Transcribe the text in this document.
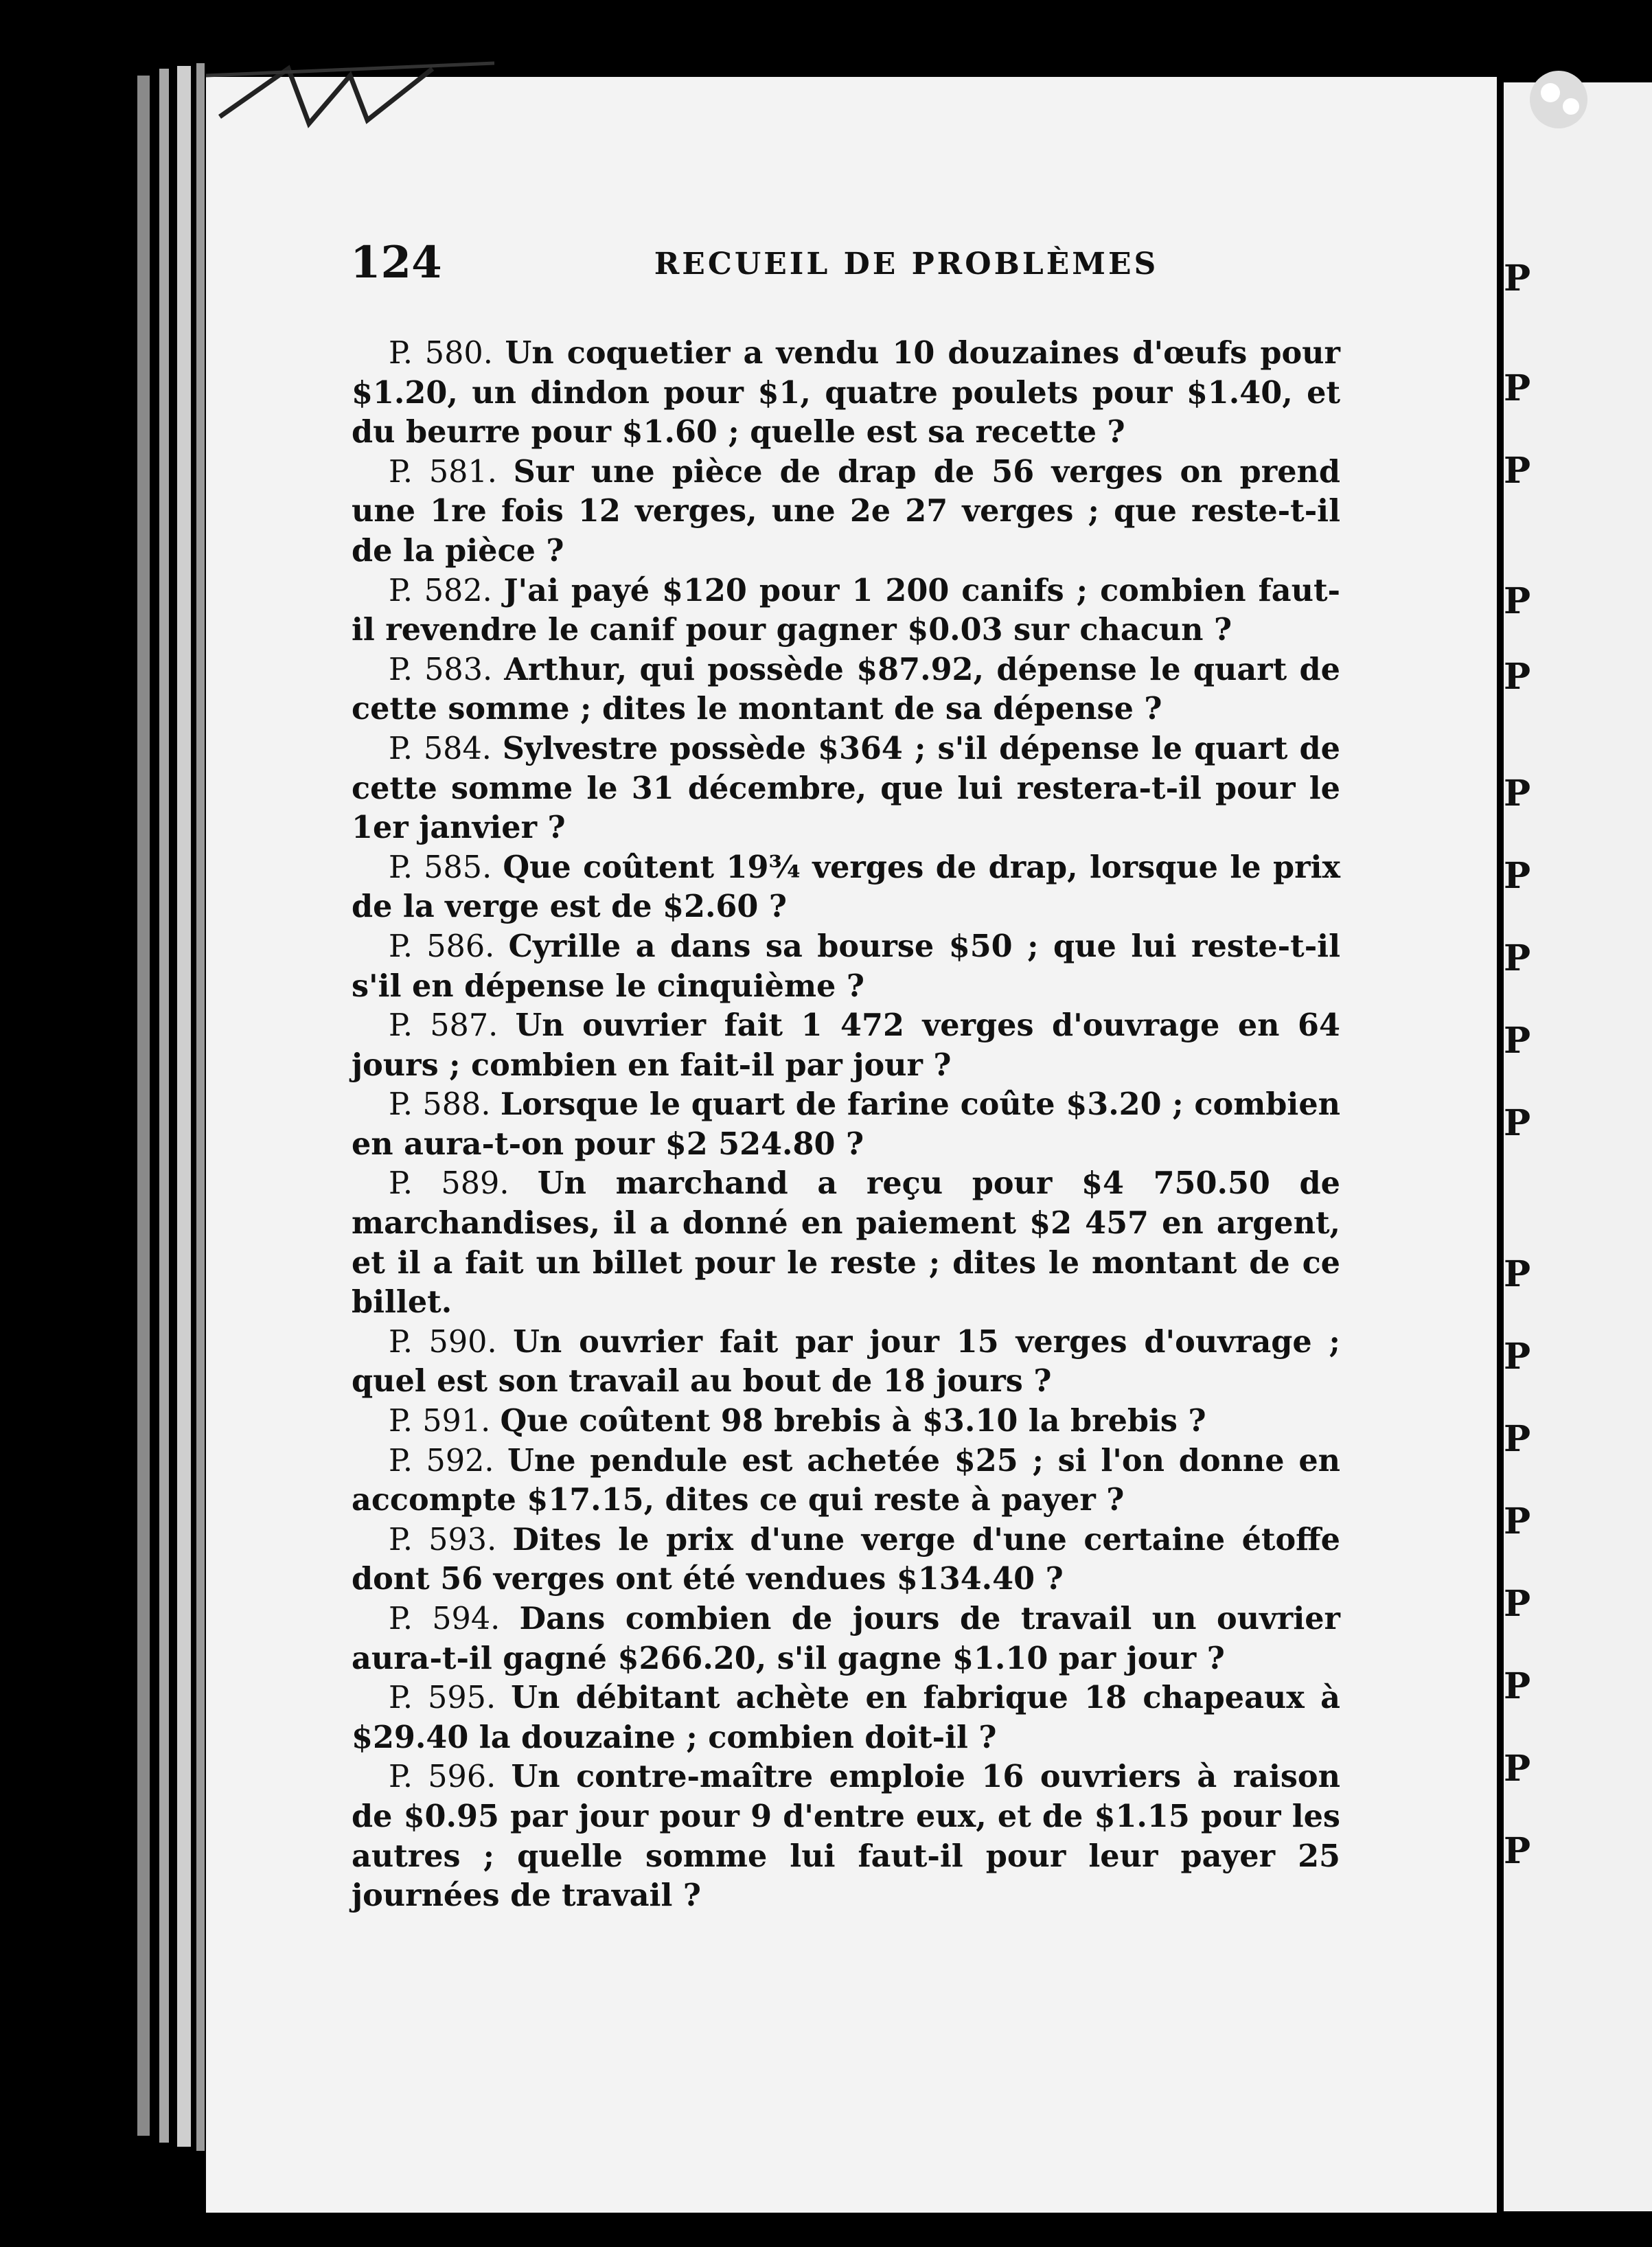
P
P
P
P
P
P
P
P
P
P
P
P
P
P
P
P
P
P
124	RECUEIL DE PROBLÈMES

P. 580. Un coquetier a vendu 10 douzaines d'œufs pour $1.20, un dindon pour $1, quatre poulets pour $1.40, et du beurre pour $1.60 ; quelle est sa recette ?

P. 581. Sur une pièce de drap de 56 verges on prend une 1re fois 12 verges, une 2e 27 verges ; que reste-t-il de la pièce ?

P. 582. J'ai payé $120 pour 1 200 canifs ; combien faut-il revendre le canif pour gagner $0.03 sur chacun ?

P. 583. Arthur, qui possède $87.92, dépense le quart de cette somme ; dites le montant de sa dépense ?

P. 584. Sylvestre possède $364 ; s'il dépense le quart de cette somme le 31 décembre, que lui restera-t-il pour le 1er janvier ?

P. 585. Que coûtent 19¾ verges de drap, lorsque le prix de la verge est de $2.60 ?

P. 586. Cyrille a dans sa bourse $50 ; que lui reste-t-il s'il en dépense le cinquième ?

P. 587. Un ouvrier fait 1 472 verges d'ouvrage en 64 jours ; combien en fait-il par jour ?

P. 588. Lorsque le quart de farine coûte $3.20 ; combien en aura-t-on pour $2 524.80 ?

P. 589. Un marchand a reçu pour $4 750.50 de marchandises, il a donné en paiement $2 457 en argent, et il a fait un billet pour le reste ; dites le montant de ce billet.

P. 590. Un ouvrier fait par jour 15 verges d'ouvrage ; quel est son travail au bout de 18 jours ?

P. 591. Que coûtent 98 brebis à $3.10 la brebis ?

P. 592. Une pendule est achetée $25 ; si l'on donne en accompte $17.15, dites ce qui reste à payer ?

P. 593. Dites le prix d'une verge d'une certaine étoffe dont 56 verges ont été vendues $134.40 ?

P. 594. Dans combien de jours de travail un ouvrier aura-t-il gagné $266.20, s'il gagne $1.10 par jour ?

P. 595. Un débitant achète en fabrique 18 chapeaux à $29.40 la douzaine ; combien doit-il ?

P. 596. Un contre-maître emploie 16 ouvriers à raison de $0.95 par jour pour 9 d'entre eux, et de $1.15 pour les autres ; quelle somme lui faut-il pour leur payer 25 journées de travail ?
